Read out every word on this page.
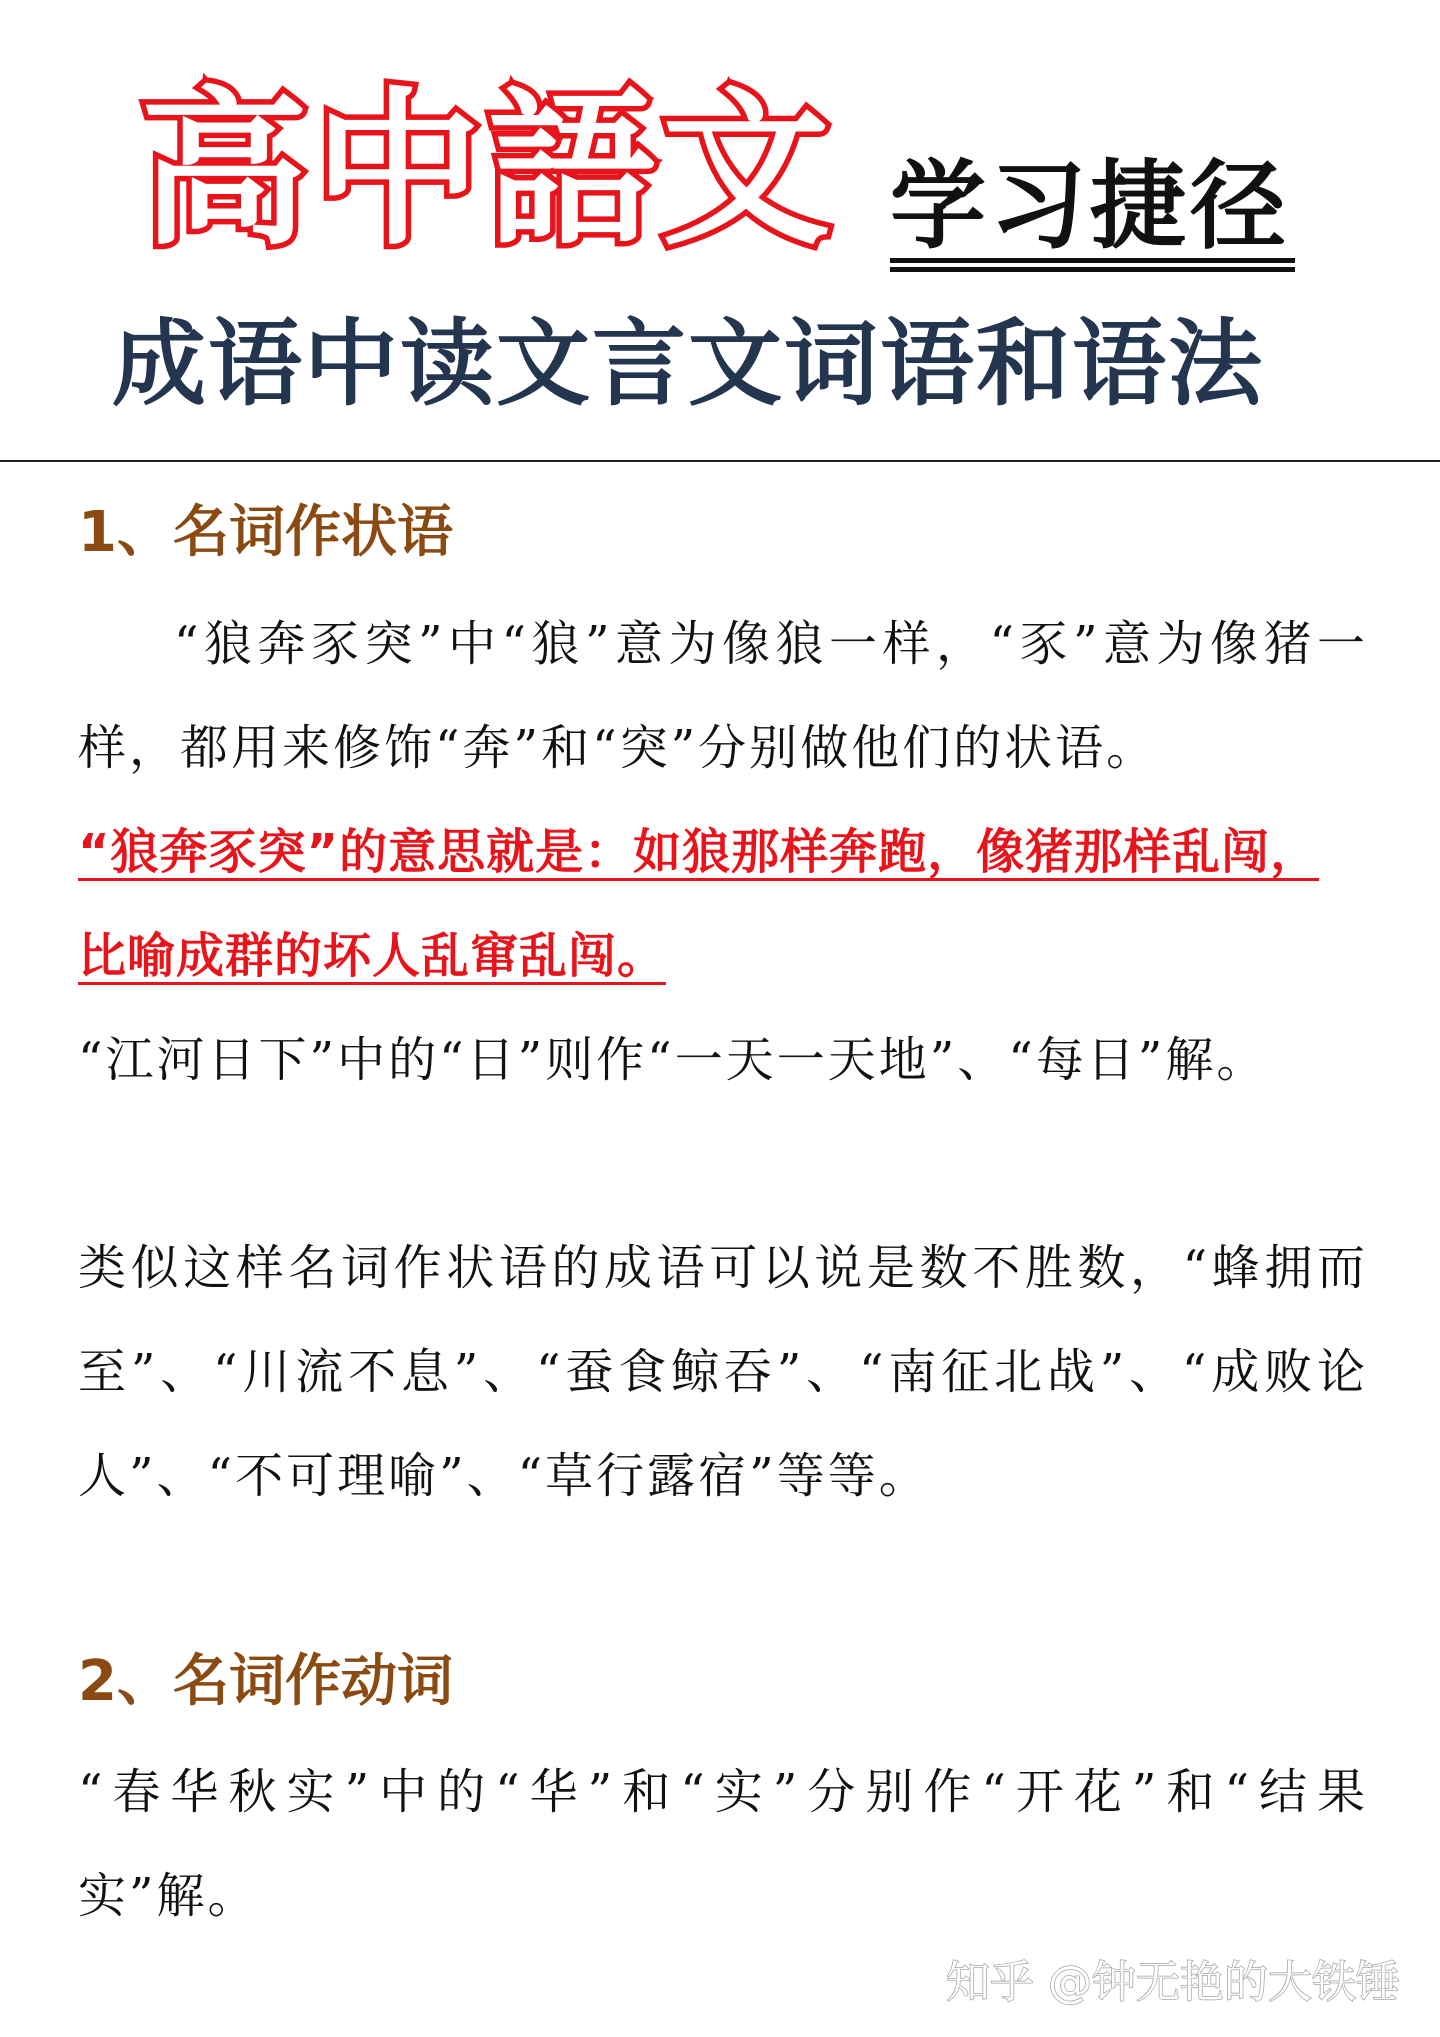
高中語文 学习捷径
成语中读文言文词语和语法
1、名词作状语
“狼奔豕突”中“狼”意为像狼一样，“豕”意为像猪一样，都用来修饰“奔”和“突”分别做他们的状语。
“狼奔豕突”的意思就是：如狼那样奔跑，像猪那样乱闯，比喻成群的坏人乱窜乱闯。
“江河日下”中的“日”则作“一天一天地”、“每日”解。
类似这样名词作状语的成语可以说是数不胜数，“蜂拥而至”、“川流不息”、“蚕食鲸吞”、“南征北战”、“成败论人”、“不可理喻”、“草行露宿”等等。
2、名词作动词
“春华秋实”中的“华”和“实”分别作“开花”和“结果实”解。
知乎 @钟无艳的大铁锤
